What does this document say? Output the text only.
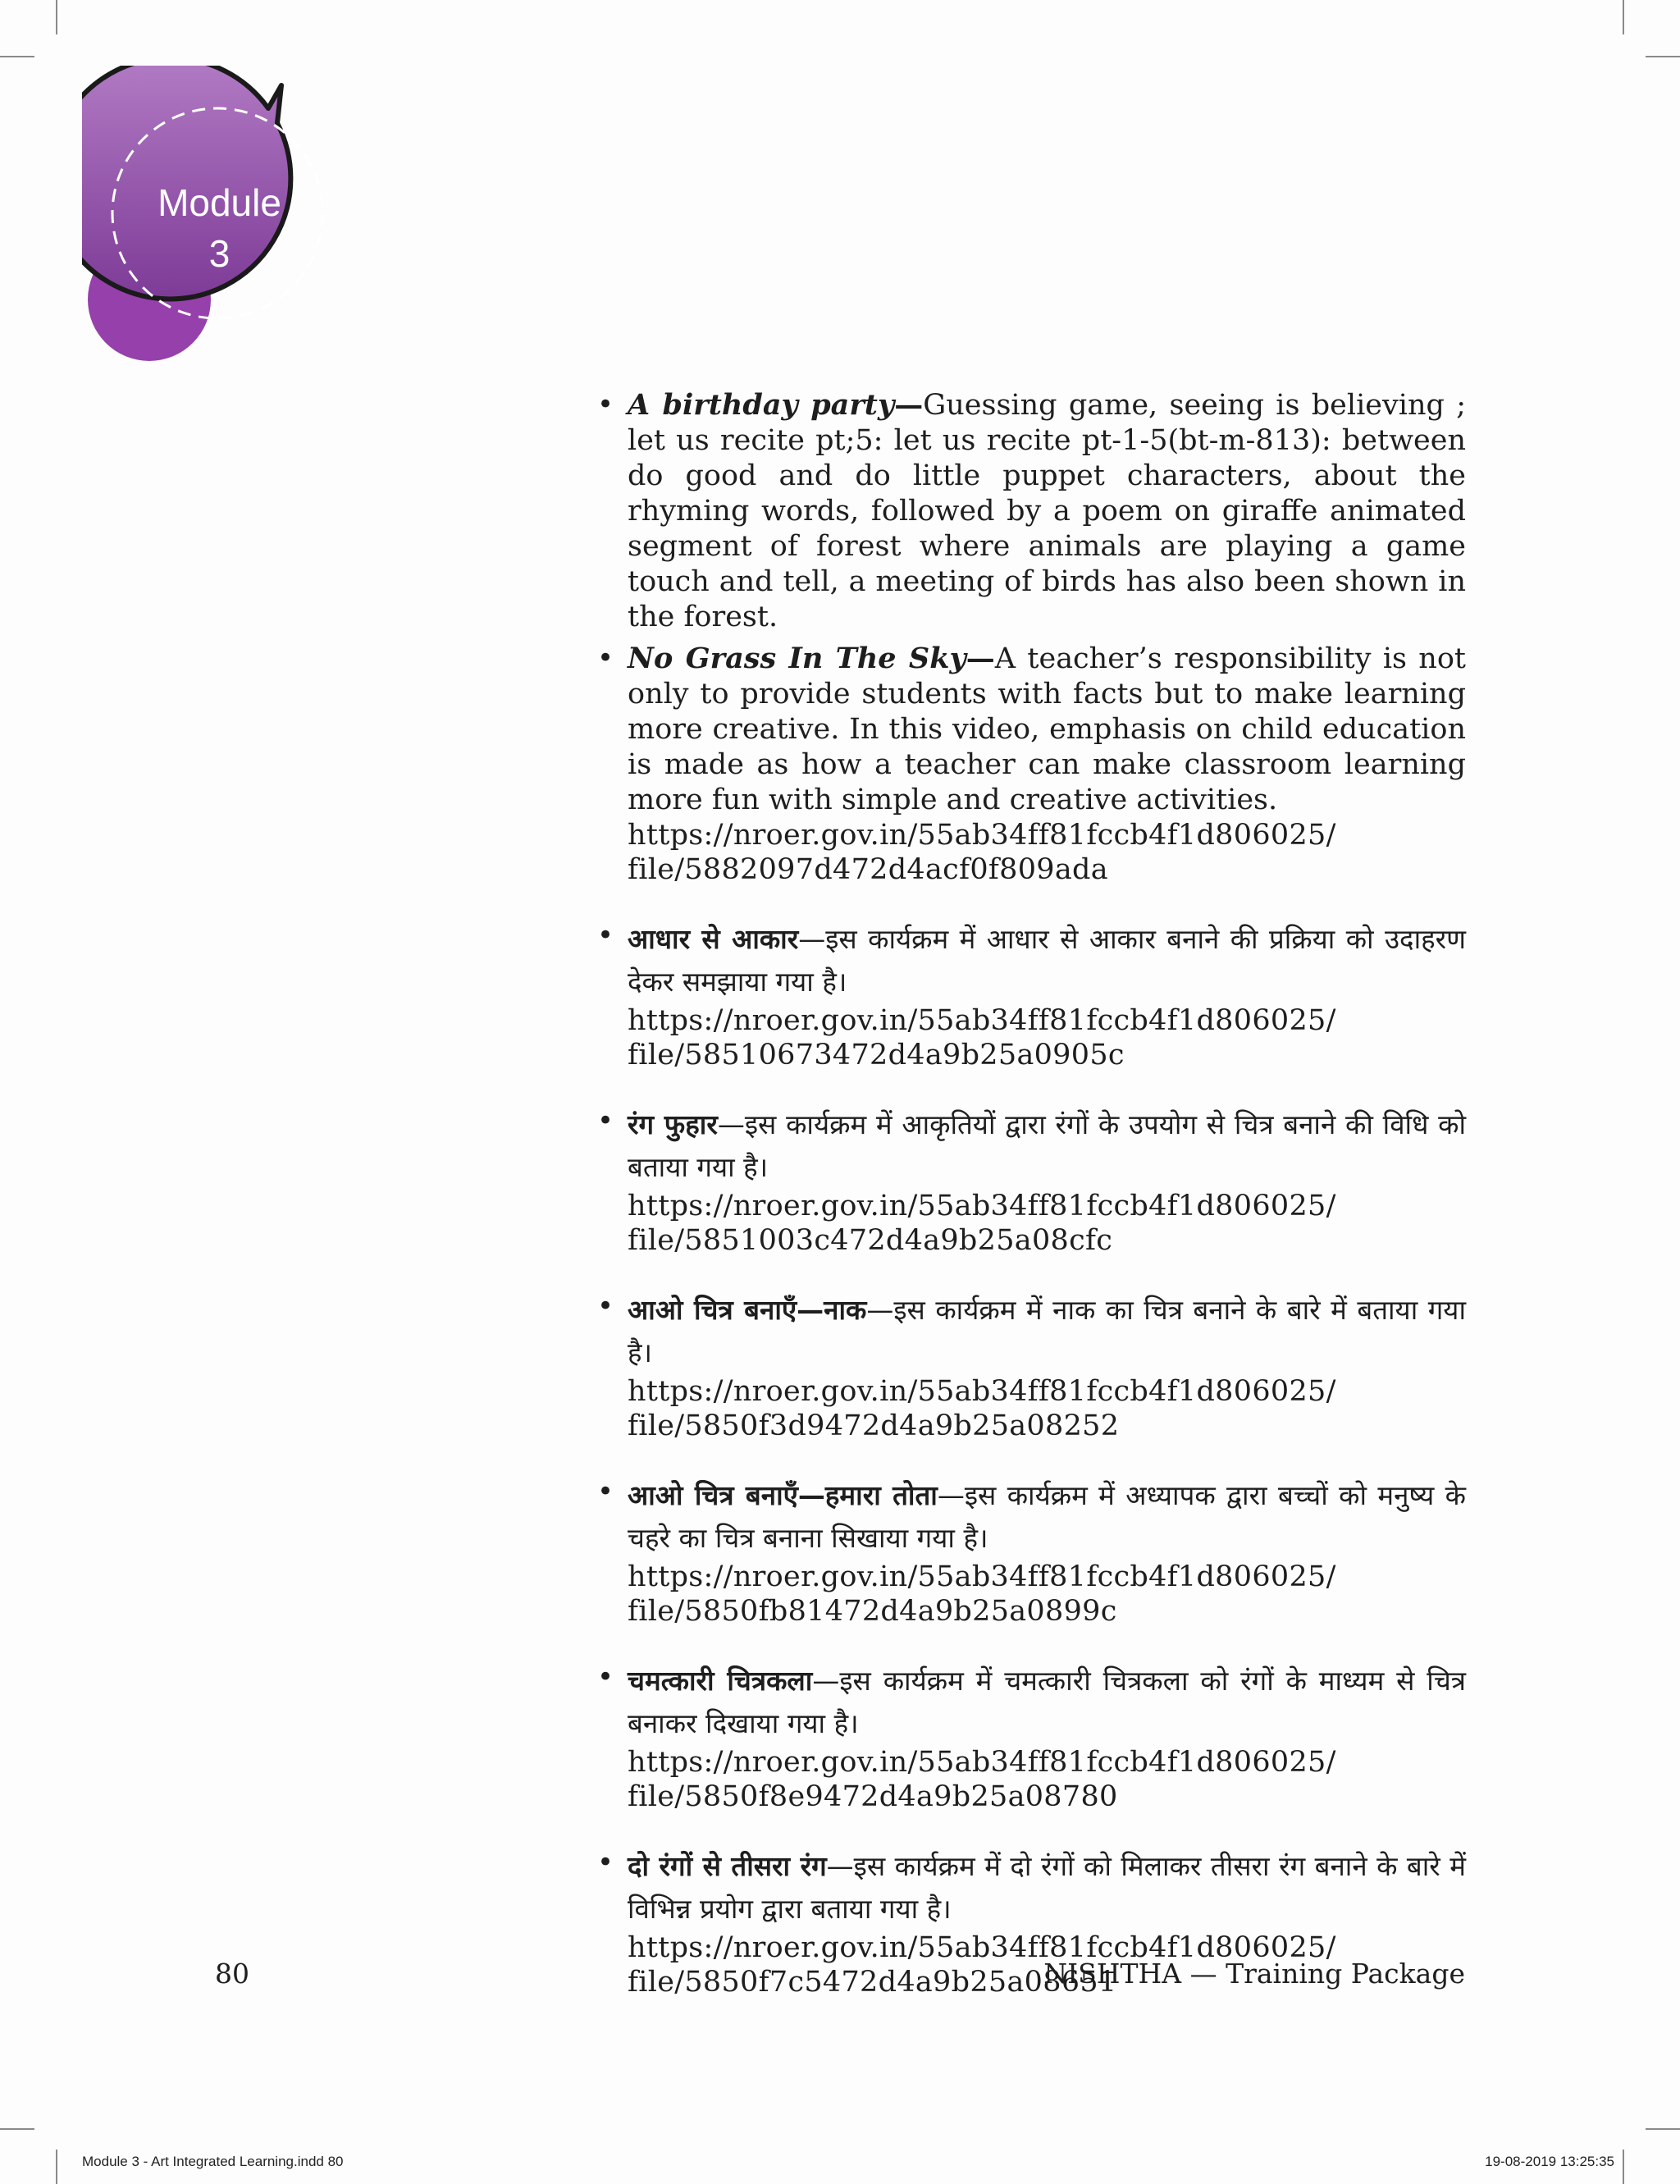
Module
3
• A birthday party—Guessing game, seeing is believing ; let us recite pt;5: let us recite pt-1-5(bt-m-813): between do good and do little puppet characters, about the rhyming words, followed by a poem on giraffe animated segment of forest where animals are playing a game touch and tell, a meeting of birds has also been shown in the forest.
• No Grass In The Sky—A teacher’s responsibility is not only to provide students with facts but to make learning more creative. In this video, emphasis on child education is made as how a teacher can make classroom learning more fun with simple and creative activities.
https://nroer.gov.in/55ab34ff81fccb4f1d806025/
file/5882097d472d4acf0f809ada
• आधार से आकार—इस कार्यक्रम में आधार से आकार बनाने की प्रक्रिया को उदाहरण देकर समझाया गया है।
https://nroer.gov.in/55ab34ff81fccb4f1d806025/
file/58510673472d4a9b25a0905c
• रंग फुहार—इस कार्यक्रम में आकृतियों द्वारा रंगों के उपयोग से चित्र बनाने की विधि को बताया गया है।
https://nroer.gov.in/55ab34ff81fccb4f1d806025/
file/5851003c472d4a9b25a08cfc
• आओ चित्र बनाएँ—नाक—इस कार्यक्रम में नाक का चित्र बनाने के बारे में बताया गया है।
https://nroer.gov.in/55ab34ff81fccb4f1d806025/
file/5850f3d9472d4a9b25a08252
• आओ चित्र बनाएँ—हमारा तोता—इस कार्यक्रम में अध्यापक द्वारा बच्चों को मनुष्य के चहरे का चित्र बनाना सिखाया गया है।
https://nroer.gov.in/55ab34ff81fccb4f1d806025/
file/5850fb81472d4a9b25a0899c
• चमत्कारी चित्रकला—इस कार्यक्रम में चमत्कारी चित्रकला को रंगों के माध्यम से चित्र बनाकर दिखाया गया है।
https://nroer.gov.in/55ab34ff81fccb4f1d806025/
file/5850f8e9472d4a9b25a08780
• दो रंगों से तीसरा रंग—इस कार्यक्रम में दो रंगों को मिलाकर तीसरा रंग बनाने के बारे में विभिन्न प्रयोग द्वारा बताया गया है।
https://nroer.gov.in/55ab34ff81fccb4f1d806025/
file/5850f7c5472d4a9b25a08651
80	NISHTHA — Training Package
Module 3 - Art Integrated Learning.indd 80	19-08-2019 13:25:35
